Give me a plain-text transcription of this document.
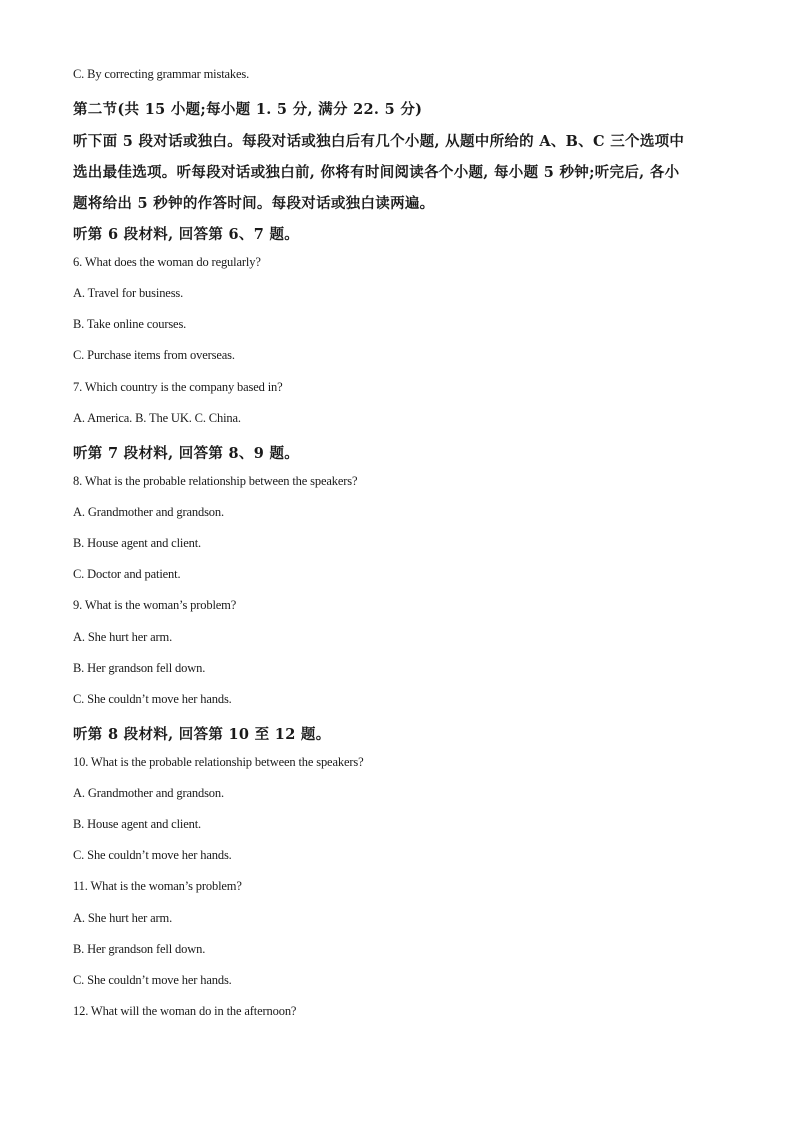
C. By correcting grammar mistakes.
第二节(共 15 小题;每小题 1. 5 分, 满分 22. 5 分)
听下面 5 段对话或独白。每段对话或独白后有几个小题, 从题中所给的 A、B、C 三个选项中
选出最佳选项。听每段对话或独白前, 你将有时间阅读各个小题, 每小题 5 秒钟;听完后, 各小
题将给出 5 秒钟的作答时间。每段对话或独白读两遍。
听第 6 段材料, 回答第 6、7 题。
6. What does the woman do regularly?
A. Travel for business.
B. Take online courses.
C. Purchase items from overseas.
7. Which country is the company based in?
A. America. B. The UK. C. China.
听第 7 段材料, 回答第 8、9 题。
8. What is the probable relationship between the speakers?
A. Grandmother and grandson.
B. House agent and client.
C. Doctor and patient.
9. What is the woman’s problem?
A. She hurt her arm.
B. Her grandson fell down.
C. She couldn’t move her hands.
听第 8 段材料, 回答第 10 至 12 题。
10. What is the probable relationship between the speakers?
A. Grandmother and grandson.
B. House agent and client.
C. She couldn’t move her hands.
11. What is the woman’s problem?
A. She hurt her arm.
B. Her grandson fell down.
C. She couldn’t move her hands.
12. What will the woman do in the afternoon?
